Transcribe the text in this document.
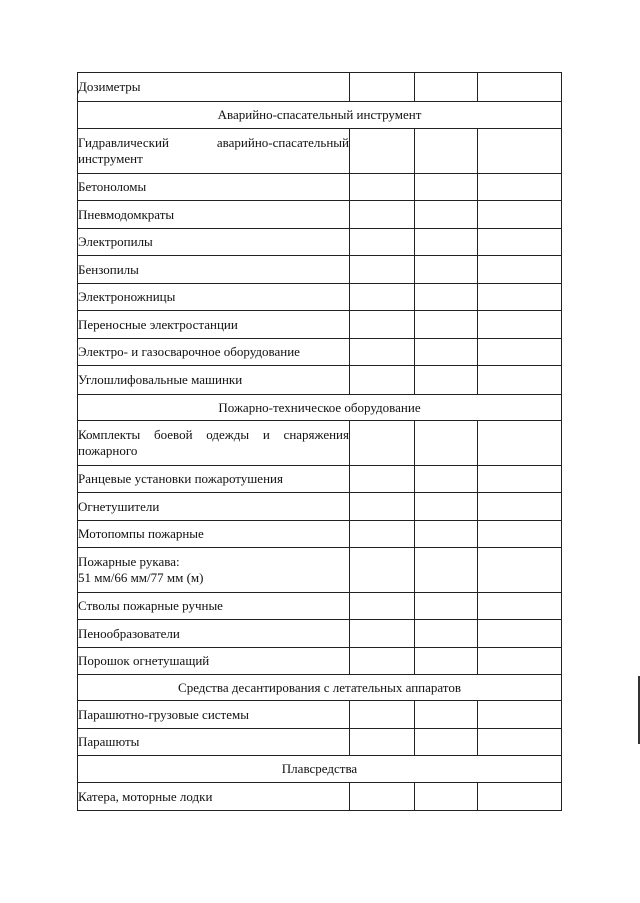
Дозиметры			

Аварийно-спасательный инструмент			

Гидравлический аварийно-спасательный
инструмент			

Бетоноломы			

Пневмодомкраты			

Электропилы			

Бензопилы			

Электроножницы			

Переносные электростанции			

Электро- и газосварочное оборудование			

Углошлифовальные машинки			

Пожарно-техническое оборудование			

Комплекты боевой одежды и снаряжения
пожарного			

Ранцевые установки пожаротушения			

Огнетушители			

Мотопомпы пожарные			

Пожарные рукава:
51 мм/66 мм/77 мм (м)			

Стволы пожарные ручные			

Пенообразователи			

Порошок огнетушащий			

Средства десантирования с летательных аппаратов			

Парашютно-грузовые системы			

Парашюты			

Плавсредства			

Катера, моторные лодки			
